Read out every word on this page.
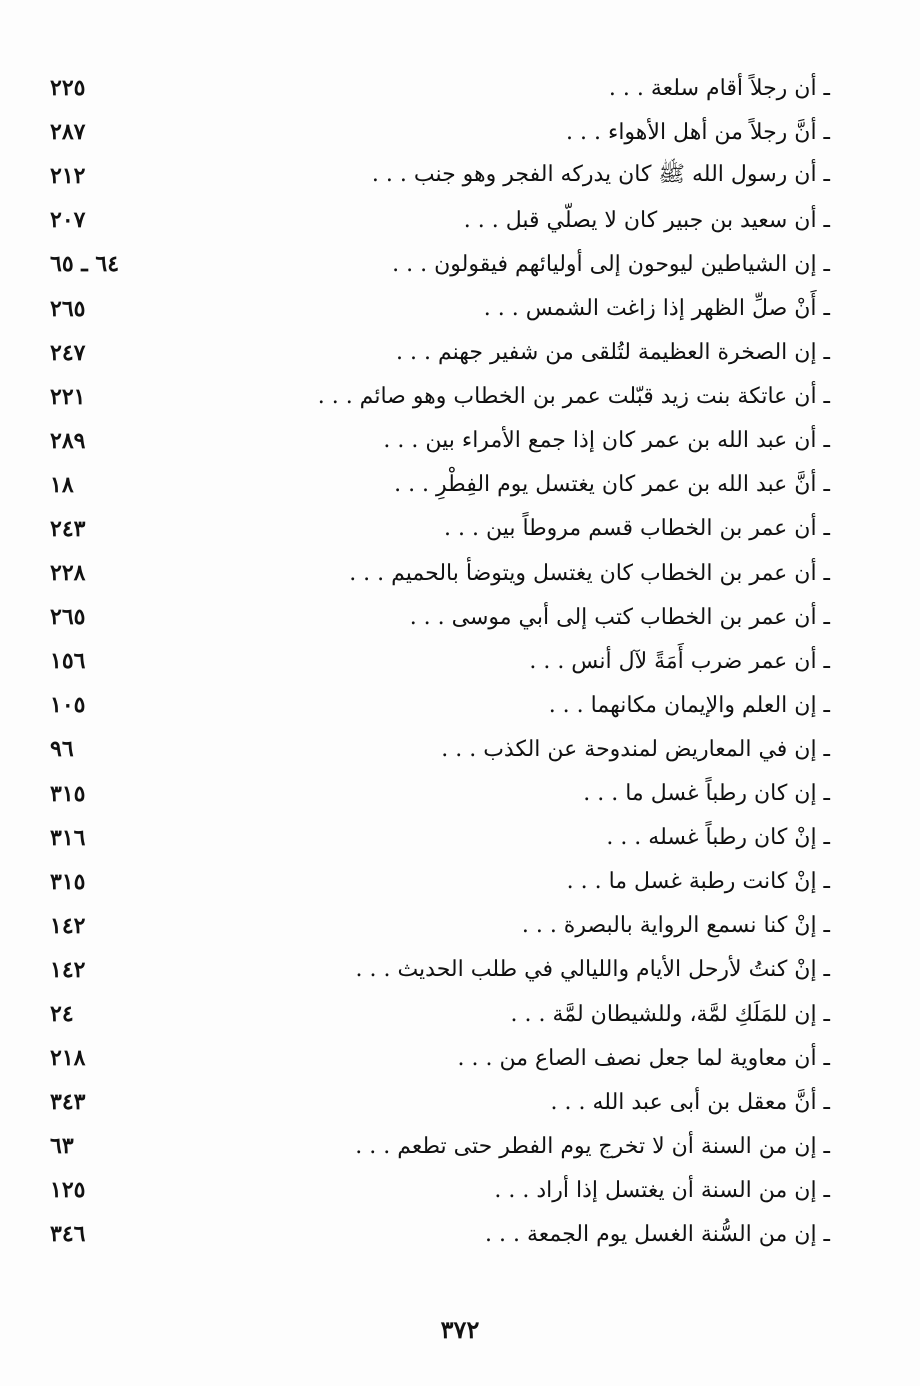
ـ أن رجلاً أقام سلعة . . .
٢٢٥
ـ أنَّ رجلاً من أهل الأهواء . . .
٢٨٧
ـ أن رسول الله ﷺ كان يدركه الفجر وهو جنب . . .
٢١٢
ـ أن سعيد بن جبير كان لا يصلّي قبل . . .
٢٠٧
ـ إن الشياطين ليوحون إلى أوليائهم فيقولون . . .
٦٤ ـ ٦٥
ـ أَنْ صلِّ الظهر إذا زاغت الشمس . . .
٢٦٥
ـ إن الصخرة العظيمة لتُلقى من شفير جهنم . . .
٢٤٧
ـ أن عاتكة بنت زيد قبّلت عمر بن الخطاب وهو صائم . . .
٢٢١
ـ أن عبد الله بن عمر كان إذا جمع الأمراء بين . . .
٢٨٩
ـ أنَّ عبد الله بن عمر كان يغتسل يوم الفِطْرِ . . .
١٨
ـ أن عمر بن الخطاب قسم مروطاً بين . . .
٢٤٣
ـ أن عمر بن الخطاب كان يغتسل ويتوضأ بالحميم . . .
٢٢٨
ـ أن عمر بن الخطاب كتب إلى أبي موسى . . .
٢٦٥
ـ أن عمر ضرب أَمَةً لآل أنس . . .
١٥٦
ـ إن العلم والإيمان مكانهما . . .
١٠٥
ـ إن في المعاريض لمندوحة عن الكذب . . .
٩٦
ـ إن كان رطباً غسل ما . . .
٣١٥
ـ إنْ كان رطباً غسله . . .
٣١٦
ـ إنْ كانت رطبة غسل ما . . .
٣١٥
ـ إنْ كنا نسمع الرواية بالبصرة . . .
١٤٢
ـ إنْ كنتُ لأرحل الأيام والليالي في طلب الحديث . . .
١٤٢
ـ إن للمَلَكِ لمَّة، وللشيطان لمَّة . . .
٢٤
ـ أن معاوية لما جعل نصف الصاع من . . .
٢١٨
ـ أنَّ معقل بن أبى عبد الله . . .
٣٤٣
ـ إن من السنة أن لا تخرج يوم الفطر حتى تطعم . . .
٦٣
ـ إن من السنة أن يغتسل إذا أراد . . .
١٢٥
ـ إن من السُّنة الغسل يوم الجمعة . . .
٣٤٦
٣٧٢
